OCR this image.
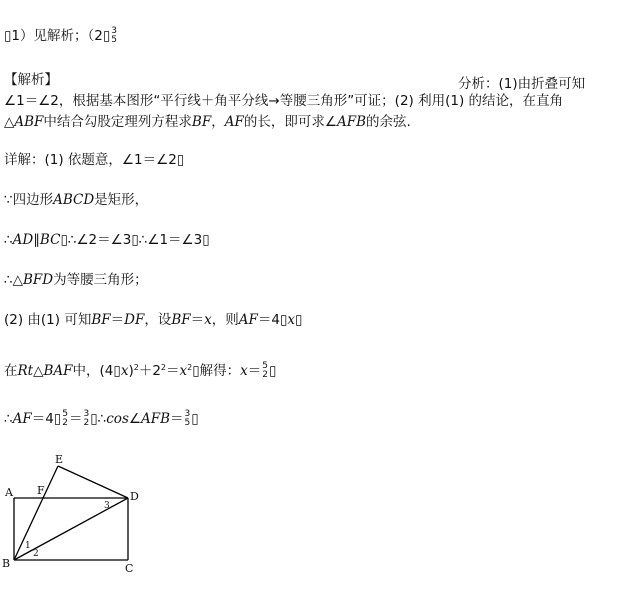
▯1）见解析；（2▯ 3
5
【解析】	分析：(1)由折叠可知
∠1＝∠2，根据基本图形“平行线＋角平分线→等腰三角形”可证；(2) 利用(1) 的结论，在直角
△ABF中结合勾股定理列方程求BF，AF的长，即可求∠AFB的余弦.
详解：(1) 依题意，∠1＝∠2▯
∵四边形ABCD是矩形，
∴AD∥BC▯∴∠2＝∠3▯∴∠1＝∠3▯
∴△BFD为等腰三角形；
(2) 由(1) 可知BF＝DF，设BF＝x，则AF＝4▯x▯
在Rt△BAF中，$(4▯x)^2+2^2=x^2▯$解得：x＝ 5
2 ▯
∴AF＝4▯ 5
2 ＝ 3
2 ▯∴cos∠AFB＝ 3
5 ▯
A
B	C
D
E
F
1
2
3
